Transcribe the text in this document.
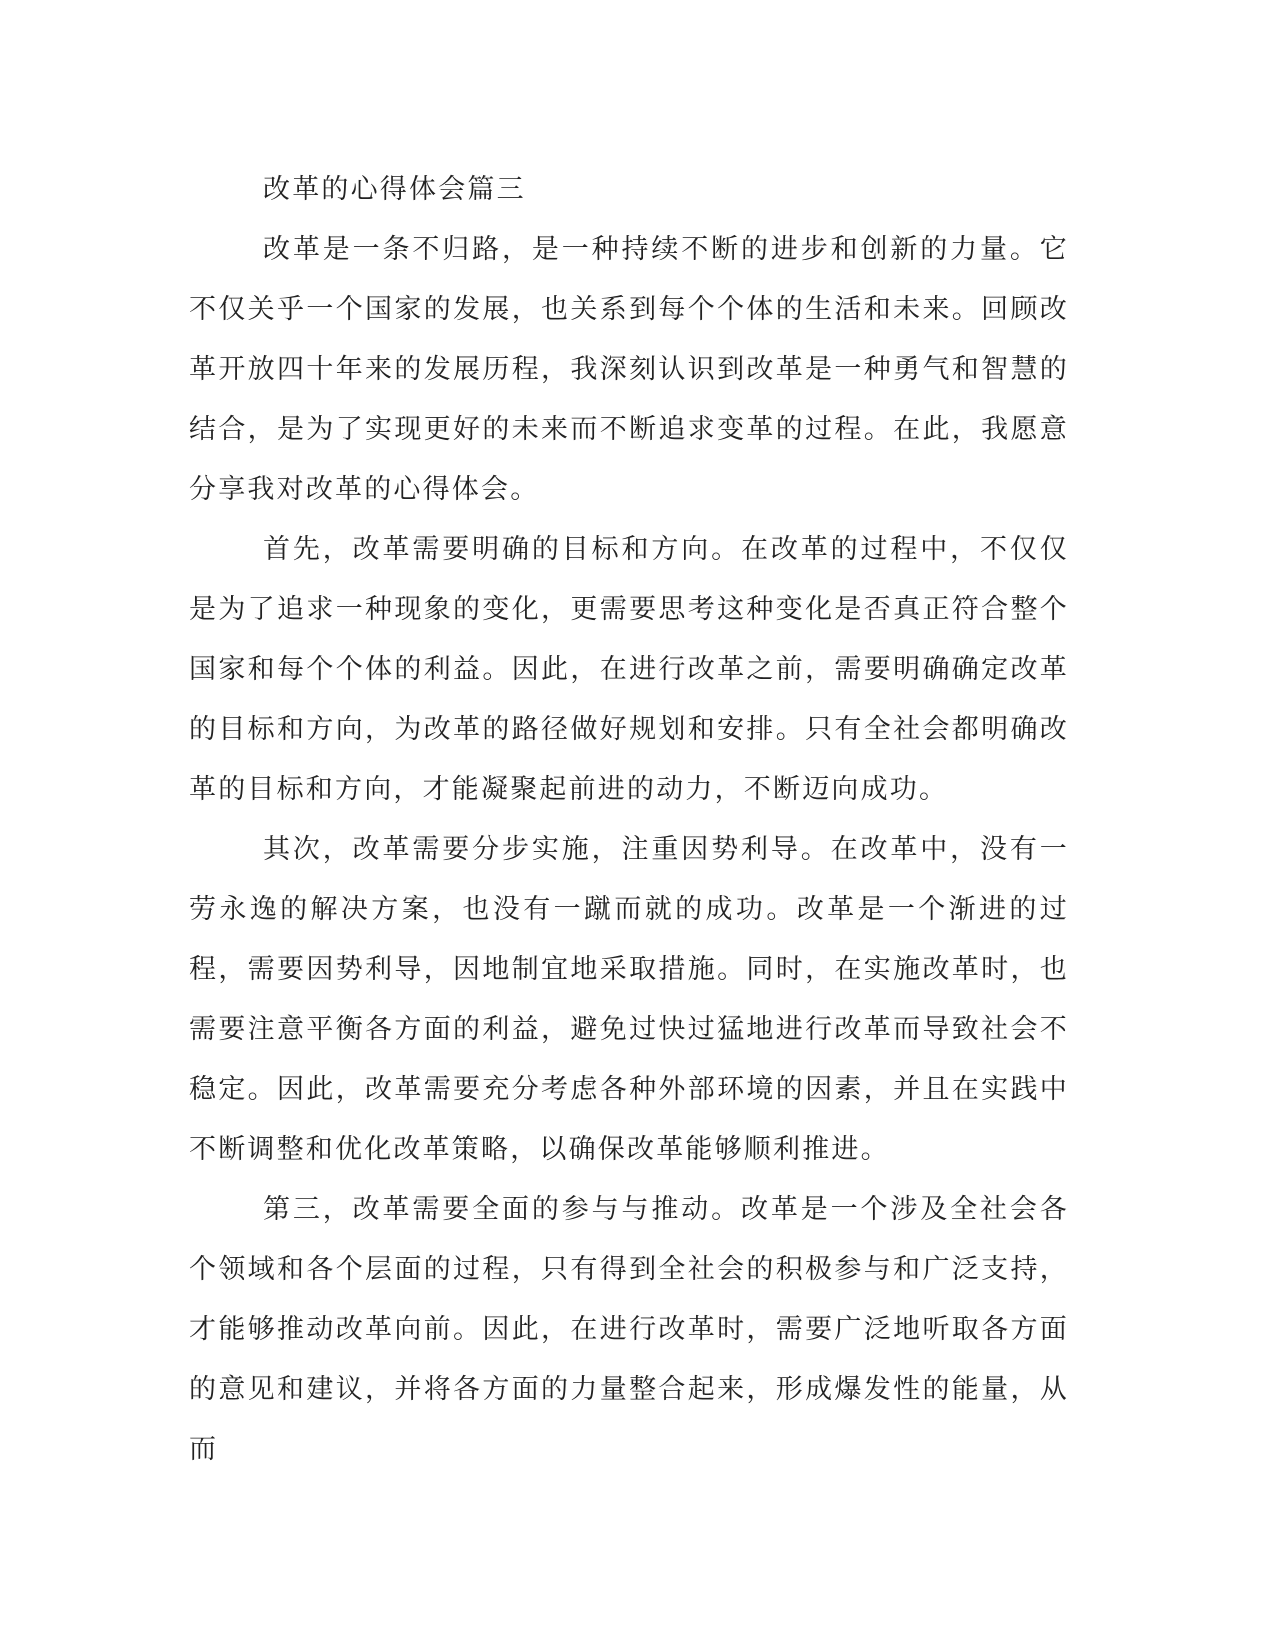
改革的心得体会篇三

改革是一条不归路，是一种持续不断的进步和创新的力量。它不仅关乎一个国家的发展，也关系到每个个体的生活和未来。回顾改革开放四十年来的发展历程，我深刻认识到改革是一种勇气和智慧的结合，是为了实现更好的未来而不断追求变革的过程。在此，我愿意分享我对改革的心得体会。

首先，改革需要明确的目标和方向。在改革的过程中，不仅仅是为了追求一种现象的变化，更需要思考这种变化是否真正符合整个国家和每个个体的利益。因此，在进行改革之前，需要明确确定改革的目标和方向，为改革的路径做好规划和安排。只有全社会都明确改革的目标和方向，才能凝聚起前进的动力，不断迈向成功。

其次，改革需要分步实施，注重因势利导。在改革中，没有一劳永逸的解决方案，也没有一蹴而就的成功。改革是一个渐进的过程，需要因势利导，因地制宜地采取措施。同时，在实施改革时，也需要注意平衡各方面的利益，避免过快过猛地进行改革而导致社会不稳定。因此，改革需要充分考虑各种外部环境的因素，并且在实践中不断调整和优化改革策略，以确保改革能够顺利推进。

第三，改革需要全面的参与与推动。改革是一个涉及全社会各个领域和各个层面的过程，只有得到全社会的积极参与和广泛支持，才能够推动改革向前。因此，在进行改革时，需要广泛地听取各方面的意见和建议，并将各方面的力量整合起来，形成爆发性的能量，从而
